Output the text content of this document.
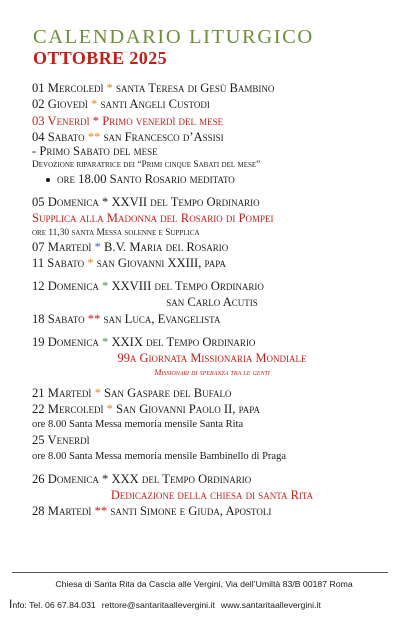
CALENDARIO LITURGICO
OTTOBRE 2025
01 Mercoledì * santa Teresa di Gesù Bambino
02 Giovedì * santi Angeli Custodi
03 Venerdì * Primo venerdì del mese
04 Sabato ** san Francesco d’Assisi
- Primo Sabato del mese
Devozione riparatrice dei “Primi cinque Sabati del mese”
ore 18.00 Santo Rosario meditato
05 Domenica * XXVII del Tempo Ordinario
Supplica alla Madonna del Rosario di Pompei
ore 11,30 santa Messa solenne e Supplica
07 Martedì * B.V. Maria del Rosario
11 Sabato * san Giovanni XXIII, papa
12 Domenica * XXVIII del Tempo Ordinario
san Carlo Acutis
18 Sabato ** san Luca, Evangelista
19 Domenica * XXIX del Tempo Ordinario
99a Giornata Missionaria Mondiale
Missionari di speranza tra le genti
21 Martedì * San Gaspare del Bufalo
22 Mercoledì * San Giovanni Paolo II, papa
ore 8.00 Santa Messa memoria mensile Santa Rita
25 Venerdì
ore 8.00 Santa Messa memoria mensile Bambinello di Praga
26 Domenica * XXX del Tempo Ordinario
Dedicazione della chiesa di santa Rita
28 Martedì ** santi Simone e Giuda, Apostoli
Chiesa di Santa Rita da Cascia alle Vergini, Via dell’Umiltà 83/B 00187 Roma
Info: Tel. 06 67.84.031 rettore@santaritaallevergini.it www.santaritaallevergini.it
